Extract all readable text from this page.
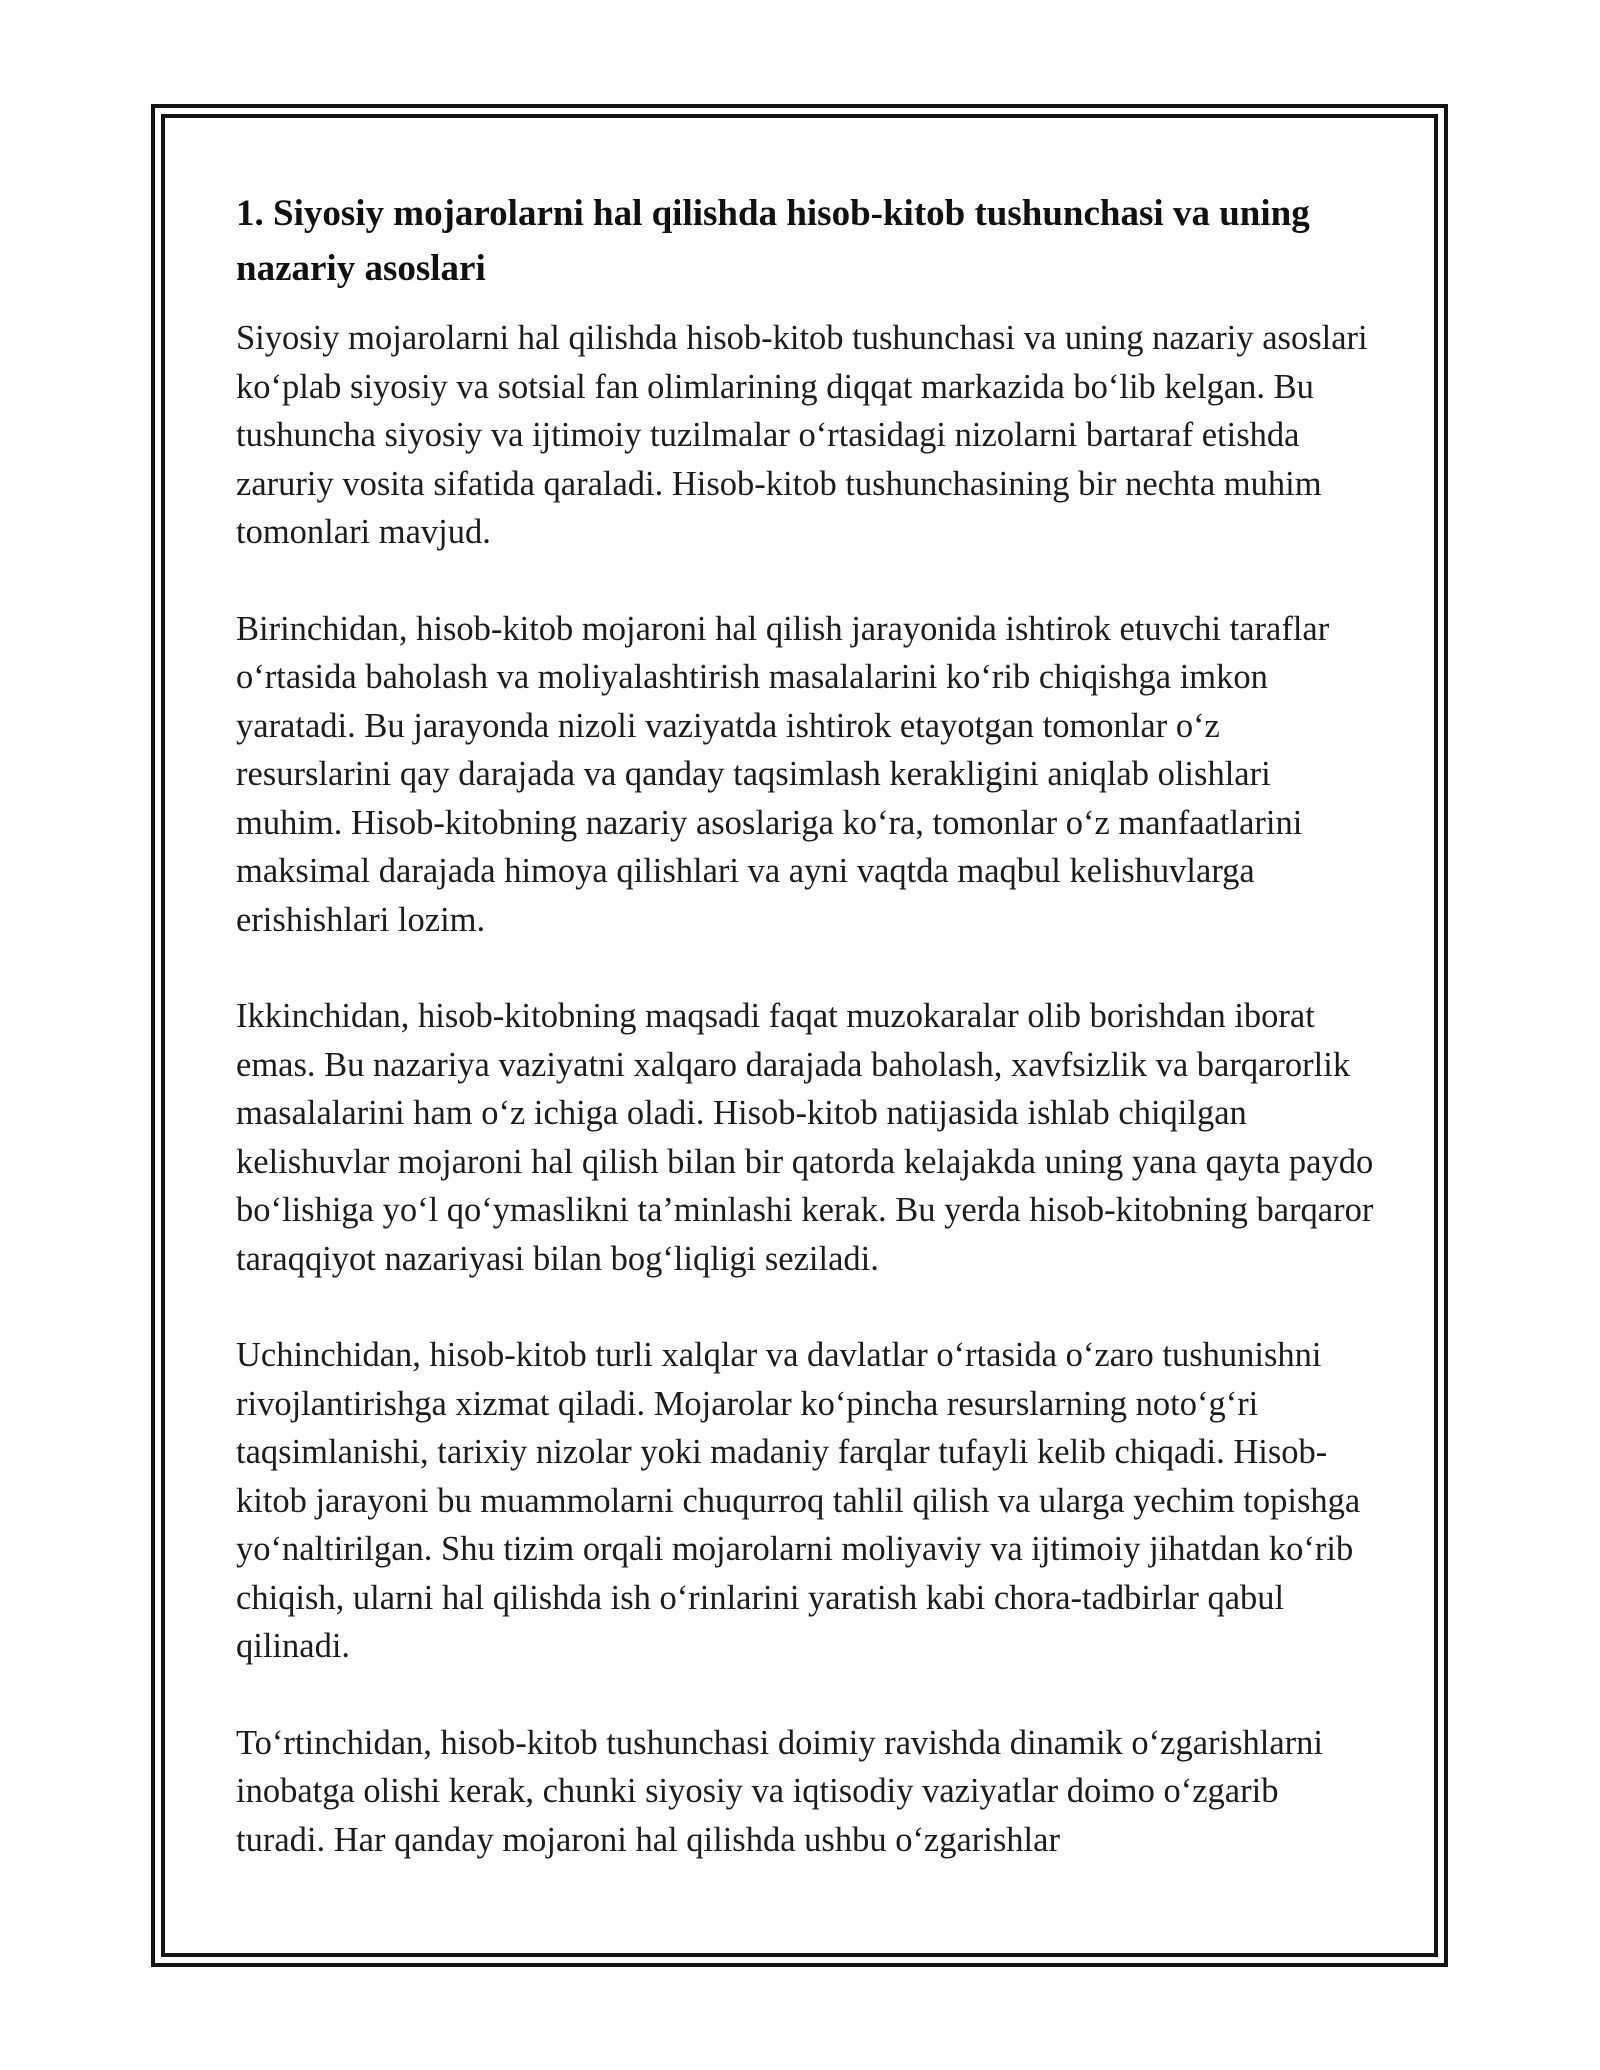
1. Siyosiy mojarolarni hal qilishda hisob-kitob tushunchasi va uning nazariy asoslari

Siyosiy mojarolarni hal qilishda hisob-kitob tushunchasi va uning nazariy asoslari ko‘plab siyosiy va sotsial fan olimlarining diqqat markazida bo‘lib kelgan. Bu tushuncha siyosiy va ijtimoiy tuzilmalar o‘rtasidagi nizolarni bartaraf etishda zaruriy vosita sifatida qaraladi. Hisob-kitob tushunchasining bir nechta muhim tomonlari mavjud.

Birinchidan, hisob-kitob mojaroni hal qilish jarayonida ishtirok etuvchi taraflar o‘rtasida baholash va moliyalashtirish masalalarini ko‘rib chiqishga imkon yaratadi. Bu jarayonda nizoli vaziyatda ishtirok etayotgan tomonlar o‘z resurslarini qay darajada va qanday taqsimlash kerakligini aniqlab olishlari muhim. Hisob-kitobning nazariy asoslariga ko‘ra, tomonlar o‘z manfaatlarini maksimal darajada himoya qilishlari va ayni vaqtda maqbul kelishuvlarga erishishlari lozim.

Ikkinchidan, hisob-kitobning maqsadi faqat muzokaralar olib borishdan iborat emas. Bu nazariya vaziyatni xalqaro darajada baholash, xavfsizlik va barqarorlik masalalarini ham o‘z ichiga oladi. Hisob-kitob natijasida ishlab chiqilgan kelishuvlar mojaroni hal qilish bilan bir qatorda kelajakda uning yana qayta paydo bo‘lishiga yo‘l qo‘ymaslikni ta’minlashi kerak. Bu yerda hisob-kitobning barqaror taraqqiyot nazariyasi bilan bog‘liqligi seziladi.

Uchinchidan, hisob-kitob turli xalqlar va davlatlar o‘rtasida o‘zaro tushunishni rivojlantirishga xizmat qiladi. Mojarolar ko‘pincha resurslarning noto‘g‘ri taqsimlanishi, tarixiy nizolar yoki madaniy farqlar tufayli kelib chiqadi. Hisob-kitob jarayoni bu muammolarni chuqurroq tahlil qilish va ularga yechim topishga yo‘naltirilgan. Shu tizim orqali mojarolarni moliyaviy va ijtimoiy jihatdan ko‘rib chiqish, ularni hal qilishda ish o‘rinlarini yaratish kabi chora-tadbirlar qabul qilinadi.

To‘rtinchidan, hisob-kitob tushunchasi doimiy ravishda dinamik o‘zgarishlarni inobatga olishi kerak, chunki siyosiy va iqtisodiy vaziyatlar doimo o‘zgarib turadi. Har qanday mojaroni hal qilishda ushbu o‘zgarishlar
